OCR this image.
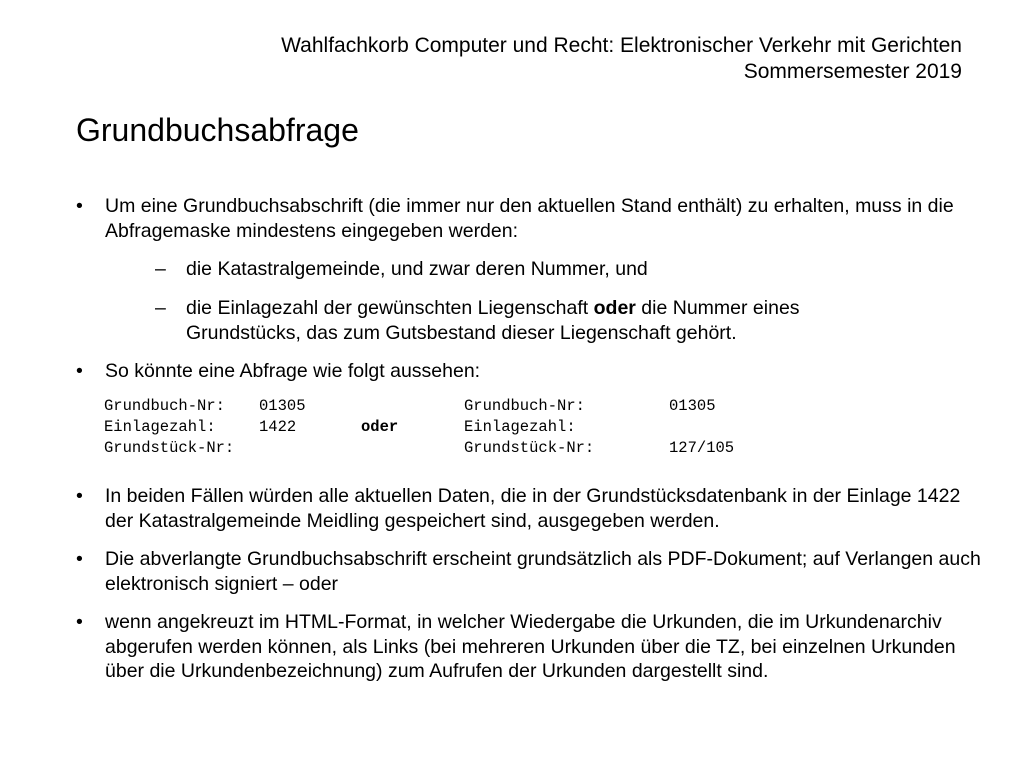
Wahlfachkorb Computer und Recht: Elektronischer Verkehr mit Gerichten
Sommersemester 2019
Grundbuchsabfrage
• Um eine Grundbuchsabschrift (die immer nur den aktuellen Stand enthält) zu erhalten, muss in die Abfragemaske mindestens eingegeben werden:
– die Katastralgemeinde, und zwar deren Nummer, und
– die Einlagezahl der gewünschten Liegenschaft oder die Nummer eines Grundstücks, das zum Gutsbestand dieser Liegenschaft gehört.
• So könnte eine Abfrage wie folgt aussehen:
Grundbuch-Nr: 01305
Einlagezahl:	1422
Grundstück-Nr:
oder
Grundbuch-Nr:	01305
Einlagezahl:
Grundstück-Nr:	127/105
• In beiden Fällen würden alle aktuellen Daten, die in der Grundstücksdatenbank in der Einlage 1422 der Katastralgemeinde Meidling gespeichert sind, ausgegeben werden.
• Die abverlangte Grundbuchsabschrift erscheint grundsätzlich als PDF-Dokument; auf Verlangen auch elektronisch signiert – oder
• wenn angekreuzt im HTML-Format, in welcher Wiedergabe die Urkunden, die im Urkundenarchiv abgerufen werden können, als Links (bei mehreren Urkunden über die TZ, bei einzelnen Urkunden über die Urkundenbezeichnung) zum Aufrufen der Urkunden dargestellt sind.
